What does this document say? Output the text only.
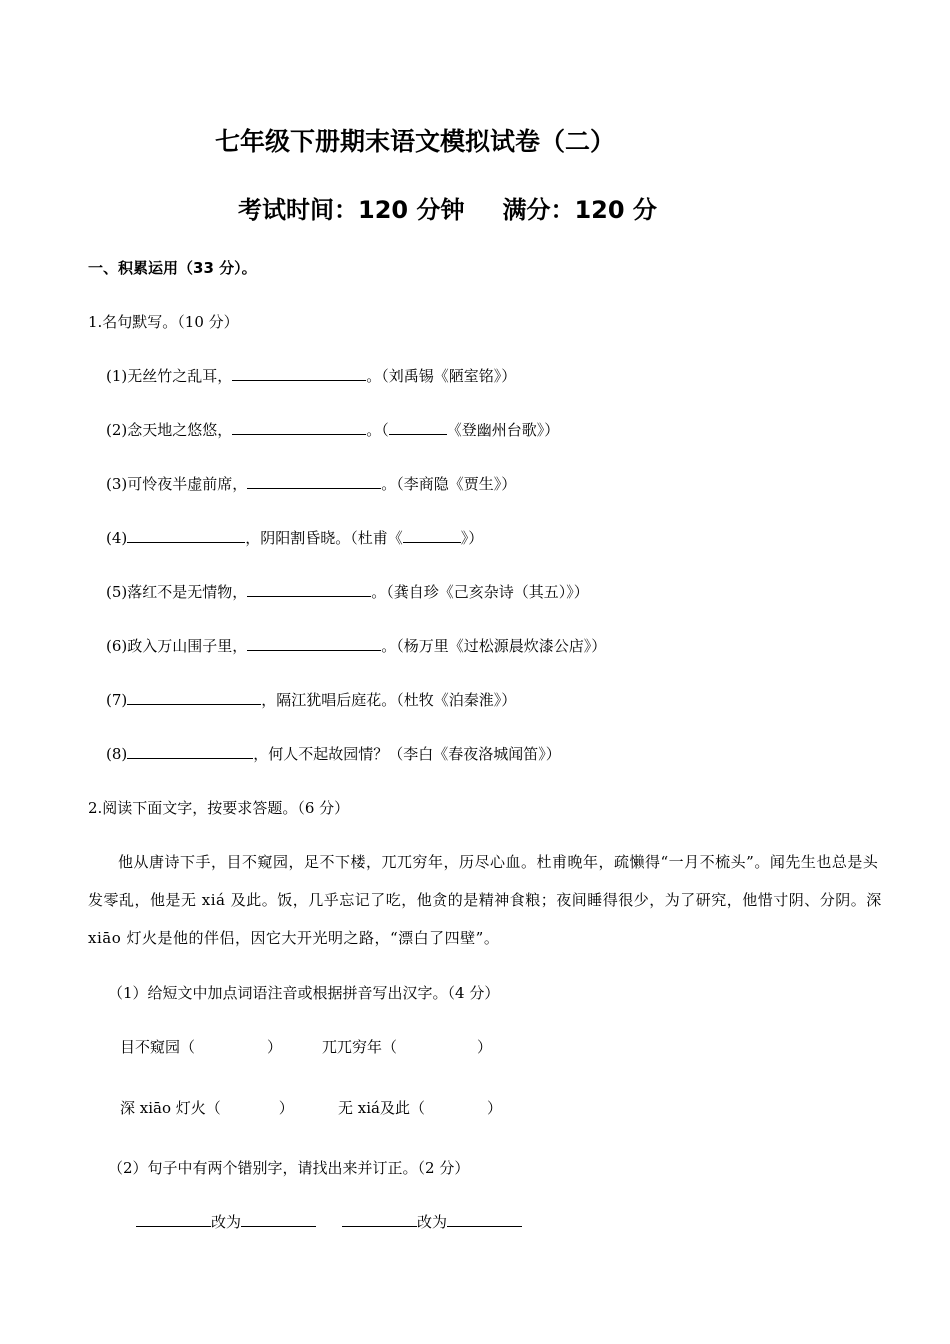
七年级下册期末语文模拟试卷（二）
考试时间：120 分钟 满分：120 分
一、积累运用（33 分）。
1.名句默写。（10 分）
(1)无丝竹之乱耳，	。（刘禹锡《陋室铭》）
(2)念天地之悠悠，	。（	《登幽州台歌》）
(3)可怜夜半虚前席，	。（李商隐《贾生》）
(4)	，阴阳割昏晓。（杜甫《	》）
(5)落红不是无情物，	。（龚自珍《己亥杂诗（其五）》）
(6)政入万山围子里，	。（杨万里《过松源晨炊漆公店》）
(7)	，隔江犹唱后庭花。（杜牧《泊秦淮》）
(8)	，何人不起故园情？（李白《春夜洛城闻笛》）
2.阅读下面文字，按要求答题。（6 分）
他从唐诗下手，目不窥园，足不下楼，兀兀穷年，历尽心血。杜甫晚年，疏懒得“一月不梳头”。闻先生也总是头发零乱，他是无 xiá 及此。饭，几乎忘记了吃，他贪的是精神食粮；夜间睡得很少，为了研究，他惜寸阴、分阴。深 xiāo 灯火是他的伴侣，因它大开光明之路，“漂白了四壁”。
（1）给短文中加点词语注音或根据拼音写出汉字。（4 分）
目不窥园（	）	兀兀穷年（	）
深 xiāo 灯火（	）	无 xiá及此（	）
（2）句子中有两个错别字，请找出来并订正。（2 分）
改为	改为
